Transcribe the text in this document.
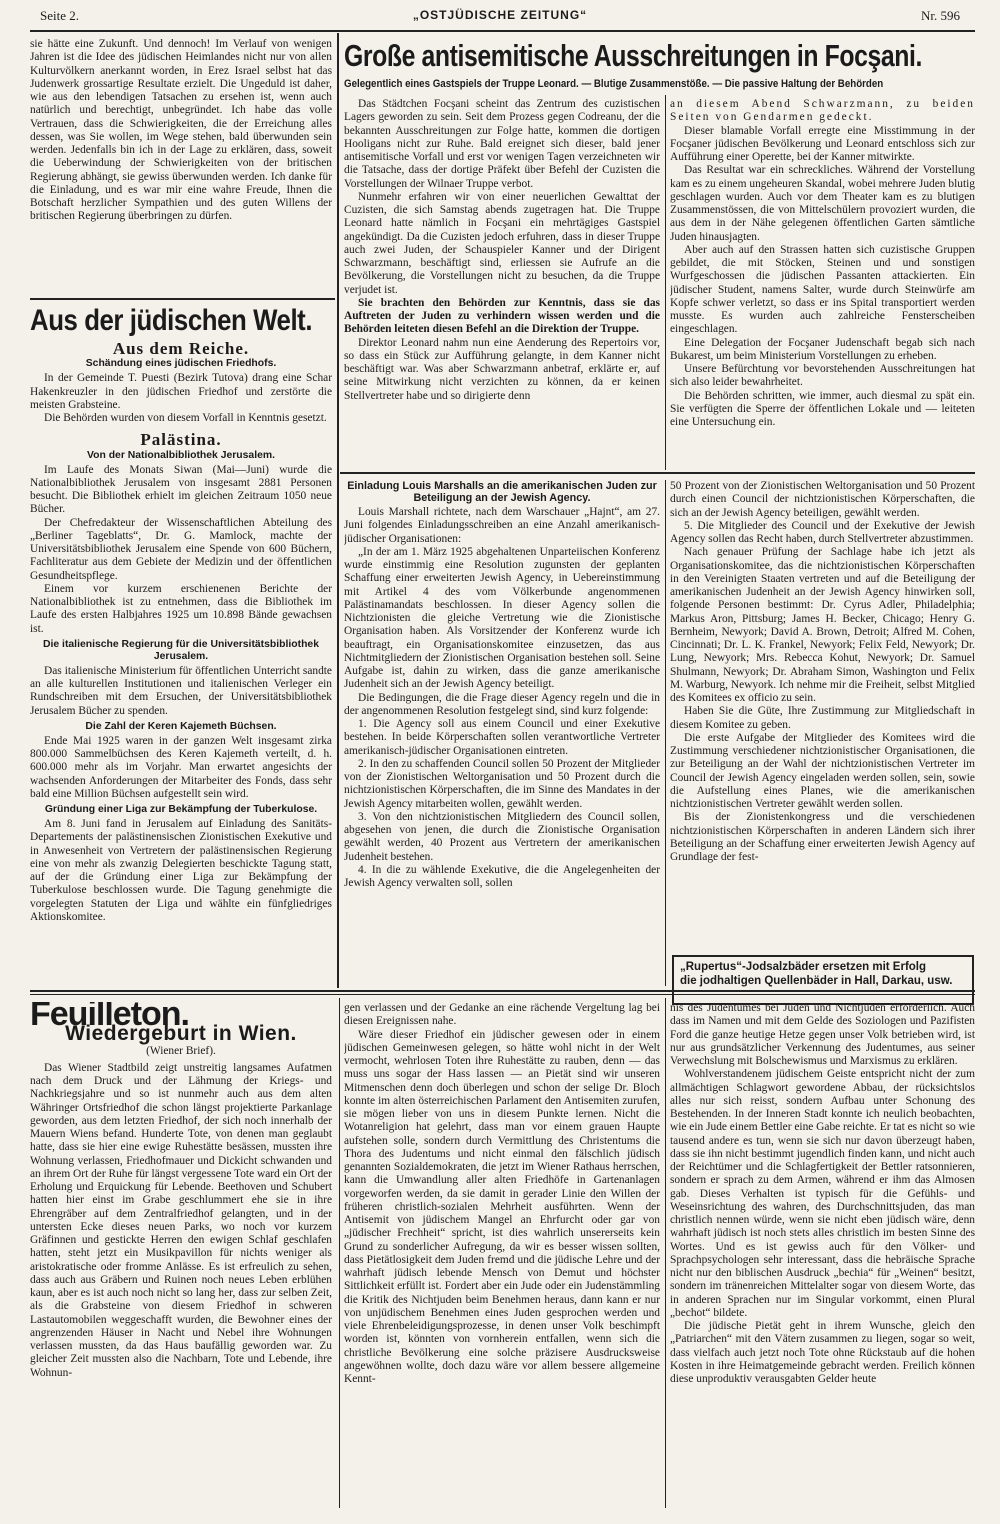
Seite 2.	„OSTJÜDISCHE ZEITUNG“	Nr. 596

sie hätte eine Zukunft. Und dennoch! Im Verlauf von wenigen Jahren ist die Idee des jüdischen Heimlandes nicht nur von allen Kulturvölkern anerkannt worden, in Erez Israel selbst hat das Judenwerk grossartige Resultate erzielt. Die Ungeduld ist daher, wie aus den lebendigen Tatsachen zu ersehen ist, wenn auch natürlich und berechtigt, unbegründet. Ich habe das volle Vertrauen, dass die Schwierigkeiten, die der Erreichung alles dessen, was Sie wollen, im Wege stehen, bald überwunden sein werden. Jedenfalls bin ich in der Lage zu erklären, dass, soweit die Ueberwindung der Schwierigkeiten von der britischen Regierung abhängt, sie gewiss überwunden werden. Ich danke für die Einladung, und es war mir eine wahre Freude, Ihnen die Botschaft herzlicher Sympathien und des guten Willens der britischen Regierung überbringen zu dürfen.

Aus der jüdischen Welt.
Aus dem Reiche.
Schändung eines jüdischen Friedhofs.

In der Gemeinde T. Puesti (Bezirk Tutova) drang eine Schar Hakenkreuzler in den jüdischen Friedhof und zerstörte die meisten Grabsteine.

Die Behörden wurden von diesem Vorfall in Kenntnis gesetzt.

Palästina.
Von der Nationalbibliothek Jerusalem.

Im Laufe des Monats Siwan (Mai—Juni) wurde die Nationalbibliothek Jerusalem von insgesamt 2881 Personen besucht. Die Bibliothek erhielt im gleichen Zeitraum 1050 neue Bücher.

Der Chefredakteur der Wissenschaftlichen Abteilung des „Berliner Tageblatts“, Dr. G. Mamlock, machte der Universitätsbibliothek Jerusalem eine Spende von 600 Büchern, Fachliteratur aus dem Gebiete der Medizin und der öffentlichen Gesundheitspflege.

Einem vor kurzem erschienenen Berichte der Nationalbibliothek ist zu entnehmen, dass die Bibliothek im Laufe des ersten Halbjahres 1925 um 10.898 Bände gewachsen ist.

Die italienische Regierung für die Universitätsbibliothek Jerusalem.

Das italienische Ministerium für öffentlichen Unterricht sandte an alle kulturellen Institutionen und italienischen Verleger ein Rundschreiben mit dem Ersuchen, der Universitätsbibliothek Jerusalem Bücher zu spenden.

Die Zahl der Keren Kajemeth Büchsen.

Ende Mai 1925 waren in der ganzen Welt insgesamt zirka 800.000 Sammelbüchsen des Keren Kajemeth verteilt, d. h. 600.000 mehr als im Vorjahr. Man erwartet angesichts der wachsenden Anforderungen der Mitarbeiter des Fonds, dass sehr bald eine Million Büchsen aufgestellt sein wird.

Gründung einer Liga zur Bekämpfung der Tuberkulose.

Am 8. Juni fand in Jerusalem auf Einladung des Sanitäts-Departements der palästinensischen Zionistischen Exekutive und in Anwesenheit von Vertretern der palästinensischen Regierung eine von mehr als zwanzig Delegierten beschickte Tagung statt, auf der die Gründung einer Liga zur Bekämpfung der Tuberkulose beschlossen wurde. Die Tagung genehmigte die vorgelegten Statuten der Liga und wählte ein fünfgliedriges Aktionskomitee.

Große antisemitische Ausschreitungen in Focşani.
Gelegentlich eines Gastspiels der Truppe Leonard. — Blutige Zusammenstöße. — Die passive Haltung der Behörden

Das Städtchen Focşani scheint das Zentrum des cuzistischen Lagers geworden zu sein. Seit dem Prozess gegen Codreanu, der die bekannten Ausschreitungen zur Folge hatte, kommen die dortigen Hooligans nicht zur Ruhe. Bald ereignet sich dieser, bald jener antisemitische Vorfall und erst vor wenigen Tagen verzeichneten wir die Tatsache, dass der dortige Präfekt über Befehl der Cuzisten die Vorstellungen der Wilnaer Truppe verbot.

Nunmehr erfahren wir von einer neuerlichen Gewalttat der Cuzisten, die sich Samstag abends zugetragen hat. Die Truppe Leonard hatte nämlich in Focşani ein mehrtägiges Gastspiel angekündigt. Da die Cuzisten jedoch erfuhren, dass in dieser Truppe auch zwei Juden, der Schauspieler Kanner und der Dirigent Schwarzmann, beschäftigt sind, erliessen sie Aufrufe an die Bevölkerung, die Vorstellungen nicht zu besuchen, da die Truppe verjudet ist.

Sie brachten den Behörden zur Kenntnis, dass sie das Auftreten der Juden zu verhindern wissen werden und die Behörden leiteten diesen Befehl an die Direktion der Truppe.

Direktor Leonard nahm nun eine Aenderung des Repertoirs vor, so dass ein Stück zur Aufführung gelangte, in dem Kanner nicht beschäftigt war. Was aber Schwarzmann anbetraf, erklärte er, auf seine Mitwirkung nicht verzichten zu können, da er keinen Stellvertreter habe und so dirigierte denn

an diesem Abend Schwarzmann, zu beiden Seiten von Gendarmen gedeckt.

Dieser blamable Vorfall erregte eine Misstimmung in der Focşaner jüdischen Bevölkerung und Leonard entschloss sich zur Aufführung einer Operette, bei der Kanner mitwirkte.

Das Resultat war ein schreckliches. Während der Vorstellung kam es zu einem ungeheuren Skandal, wobei mehrere Juden blutig geschlagen wurden. Auch vor dem Theater kam es zu blutigen Zusammenstössen, die von Mittelschülern provoziert wurden, die aus dem in der Nähe gelegenen öffentlichen Garten sämtliche Juden hinausjagten.

Aber auch auf den Strassen hatten sich cuzistische Gruppen gebildet, die mit Stöcken, Steinen und und sonstigen Wurfgeschossen die jüdischen Passanten attackierten. Ein jüdischer Student, namens Salter, wurde durch Steinwürfe am Kopfe schwer verletzt, so dass er ins Spital transportiert werden musste. Es wurden auch zahlreiche Fensterscheiben eingeschlagen.

Eine Delegation der Focşaner Judenschaft begab sich nach Bukarest, um beim Ministerium Vorstellungen zu erheben.

Unsere Befürchtung vor bevorstehenden Ausschreitungen hat sich also leider bewahrheitet.

Die Behörden schritten, wie immer, auch diesmal zu spät ein. Sie verfügten die Sperre der öffentlichen Lokale und — leiteten eine Untersuchung ein.

Einladung Louis Marshalls an die amerikanischen Juden zur Beteiligung an der Jewish Agency.

Louis Marshall richtete, nach dem Warschauer „Hajnt“, am 27. Juni folgendes Einladungsschreiben an eine Anzahl amerikanisch-jüdischer Organisationen:

„In der am 1. März 1925 abgehaltenen Unparteiischen Konferenz wurde einstimmig eine Resolution zugunsten der geplanten Schaffung einer erweiterten Jewish Agency, in Uebereinstimmung mit Artikel 4 des vom Völkerbunde angenommenen Palästinamandats beschlossen. In dieser Agency sollen die Nichtzionisten die gleiche Vertretung wie die Zionistische Organisation haben. Als Vorsitzender der Konferenz wurde ich beauftragt, ein Organisationskomitee einzusetzen, das aus Nichtmitgliedern der Zionistischen Organisation bestehen soll. Seine Aufgabe ist, dahin zu wirken, dass die ganze amerikanische Judenheit sich an der Jewish Agency beteiligt.

Die Bedingungen, die die Frage dieser Agency regeln und die in der angenommenen Resolution festgelegt sind, sind kurz folgende:

1. Die Agency soll aus einem Council und einer Exekutive bestehen. In beide Körperschaften sollen verantwortliche Vertreter amerikanisch-jüdischer Organisationen eintreten.

2. In den zu schaffenden Council sollen 50 Prozent der Mitglieder von der Zionistischen Weltorganisation und 50 Prozent durch die nichtzionistischen Körperschaften, die im Sinne des Mandates in der Jewish Agency mitarbeiten wollen, gewählt werden.

3. Von den nichtzionistischen Mitgliedern des Council sollen, abgesehen von jenen, die durch die Zionistische Organisation gewählt werden, 40 Prozent aus Vertretern der amerikanischen Judenheit bestehen.

4. In die zu wählende Exekutive, die die Angelegenheiten der Jewish Agency verwalten soll, sollen

50 Prozent von der Zionistischen Weltorganisation und 50 Prozent durch einen Council der nichtzionistischen Körperschaften, die sich an der Jewish Agency beteiligen, gewählt werden.

5. Die Mitglieder des Council und der Exekutive der Jewish Agency sollen das Recht haben, durch Stellvertreter abzustimmen.

Nach genauer Prüfung der Sachlage habe ich jetzt als Organisationskomitee, das die nichtzionistischen Körperschaften in den Vereinigten Staaten vertreten und auf die Beteiligung der amerikanischen Judenheit an der Jewish Agency hinwirken soll, folgende Personen bestimmt: Dr. Cyrus Adler, Philadelphia; Markus Aron, Pittsburg; James H. Becker, Chicago; Henry G. Bernheim, Newyork; David A. Brown, Detroit; Alfred M. Cohen, Cincinnati; Dr. L. K. Frankel, Newyork; Felix Feld, Newyork; Dr. Lung, Newyork; Mrs. Rebecca Kohut, Newyork; Dr. Samuel Shulmann, Newyork; Dr. Abraham Simon, Washington und Felix M. Warburg, Newyork. Ich nehme mir die Freiheit, selbst Mitglied des Komitees ex officio zu sein.

Haben Sie die Güte, Ihre Zustimmung zur Mitgliedschaft in diesem Komitee zu geben.

Die erste Aufgabe der Mitglieder des Komitees wird die Zustimmung verschiedener nichtzionistischer Organisationen, die zur Beteiligung an der Wahl der nichtzionistischen Vertreter im Council der Jewish Agency eingeladen werden sollen, sein, sowie die Aufstellung eines Planes, wie die amerikanischen nichtzionistischen Vertreter gewählt werden sollen.

Bis der Zionistenkongress und die verschiedenen nichtzionistischen Körperschaften in anderen Ländern sich ihrer Beteiligung an der Schaffung einer erweiterten Jewish Agency auf Grundlage der fest-

„Rupertus“-Jodsalzbäder ersetzen mit Erfolg
die jodhaltigen Quellenbäder in Hall, Darkau, usw.
Feuilleton.
Wiedergeburt in Wien.
(Wiener Brief).

Das Wiener Stadtbild zeigt unstreitig langsames Aufatmen nach dem Druck und der Lähmung der Kriegs- und Nachkriegsjahre und so ist nunmehr auch aus dem alten Währinger Ortsfriedhof die schon längst projektierte Parkanlage geworden, aus dem letzten Friedhof, der sich noch innerhalb der Mauern Wiens befand. Hunderte Tote, von denen man geglaubt hatte, dass sie hier eine ewige Ruhestätte besässen, mussten ihre Wohnung verlassen, Friedhofmauer und Dickicht schwanden und an ihrem Ort der Ruhe für längst vergessene Tote ward ein Ort der Erholung und Erquickung für Lebende. Beethoven und Schubert hatten hier einst im Grabe geschlummert ehe sie in ihre Ehrengräber auf dem Zentralfriedhof gelangten, und in der untersten Ecke dieses neuen Parks, wo noch vor kurzem Gräfinnen und gestickte Herren den ewigen Schlaf geschlafen hatten, steht jetzt ein Musikpavillon für nichts weniger als aristokratische oder fromme Anlässe. Es ist erfreulich zu sehen, dass auch aus Gräbern und Ruinen noch neues Leben erblühen kaun, aber es ist auch noch nicht so lang her, dass zur selben Zeit, als die Grabsteine von diesem Friedhof in schweren Lastautomobilen weggeschafft wurden, die Bewohner eines der angrenzenden Häuser in Nacht und Nebel ihre Wohnungen verlassen mussten, da das Haus baufällig geworden war. Zu gleicher Zeit mussten also die Nachbarn, Tote und Lebende, ihre Wohnun-

gen verlassen und der Gedanke an eine rächende Vergeltung lag bei diesen Ereignissen nahe.

Wäre dieser Friedhof ein jüdischer gewesen oder in einem jüdischen Gemeinwesen gelegen, so hätte wohl nicht in der Welt vermocht, wehrlosen Toten ihre Ruhestätte zu rauben, denn — das muss uns sogar der Hass lassen — an Pietät sind wir unseren Mitmenschen denn doch überlegen und schon der selige Dr. Bloch konnte im alten österreichischen Parlament den Antisemiten zurufen, sie mögen lieber von uns in diesem Punkte lernen. Nicht die Wotanreligion hat gelehrt, dass man vor einem grauen Haupte aufstehen solle, sondern durch Vermittlung des Christentums die Thora des Judentums und nicht einmal den fälschlich jüdisch genannten Sozialdemokraten, die jetzt im Wiener Rathaus herrschen, kann die Umwandlung aller alten Friedhöfe in Gartenanlagen vorgeworfen werden, da sie damit in gerader Linie den Willen der früheren christlich-sozialen Mehrheit ausführten. Wenn der Antisemit von jüdischem Mangel an Ehrfurcht oder gar von „jüdischer Frechheit“ spricht, ist dies wahrlich unsererseits kein Grund zu sonderlicher Aufregung, da wir es besser wissen sollten, dass Pietätlosigkeit dem Juden fremd und die jüdische Lehre und der wahrhaft jüdisch lebende Mensch von Demut und höchster Sittlichkeit erfüllt ist. Fordert aber ein Jude oder ein Judenstämmling die Kritik des Nichtjuden beim Benehmen heraus, dann kann er nur von unjüdischem Benehmen eines Juden gesprochen werden und viele Ehrenbeleidigungsprozesse, in denen unser Volk beschimpft worden ist, könnten von vornherein entfallen, wenn sich die christliche Bevölkerung eine solche präzisere Ausdrucksweise angewöhnen wollte, doch dazu wäre vor allem bessere allgemeine Kennt-

nis des Judentumes bei Juden und Nichtjuden erforderlich. Auch dass im Namen und mit dem Gelde des Soziologen und Pazifisten Ford die ganze heutige Hetze gegen unser Volk betrieben wird, ist nur aus grundsätzlicher Verkennung des Judentumes, aus seiner Verwechslung mit Bolschewismus und Marxismus zu erklären.

Wohlverstandenem jüdischem Geiste entspricht nicht der zum allmächtigen Schlagwort gewordene Abbau, der rücksichtslos alles nur sich reisst, sondern Aufbau unter Schonung des Bestehenden. In der Inneren Stadt konnte ich neulich beobachten, wie ein Jude einem Bettler eine Gabe reichte. Er tat es nicht so wie tausend andere es tun, wenn sie sich nur davon überzeugt haben, dass sie ihn nicht bestimmt jugendlich finden kann, und nicht auch der Reichtümer und die Schlagfertigkeit der Bettler ratsonnieren, sondern er sprach zu dem Armen, während er ihm das Almosen gab. Dieses Verhalten ist typisch für die Gefühls- und Weseinsrichtung des wahren, des Durchschnittsjuden, das man christlich nennen würde, wenn sie nicht eben jüdisch wäre, denn wahrhaft jüdisch ist noch stets alles christlich im besten Sinne des Wortes. Und es ist gewiss auch für den Völker- und Sprachpsychologen sehr interessant, dass die hebräische Sprache nicht nur den biblischen Ausdruck „bechia“ für „Weinen“ besitzt, sondern im tränenreichen Mittelalter sogar von diesem Worte, das in anderen Sprachen nur im Singular vorkommt, einen Plural „bechot“ bildete.

Die jüdische Pietät geht in ihrem Wunsche, gleich den „Patriarchen“ mit den Vätern zusammen zu liegen, sogar so weit, dass vielfach auch jetzt noch Tote ohne Rückstaub auf die hohen Kosten in ihre Heimatgemeinde gebracht werden. Freilich können diese unproduktiv verausgabten Gelder heute
